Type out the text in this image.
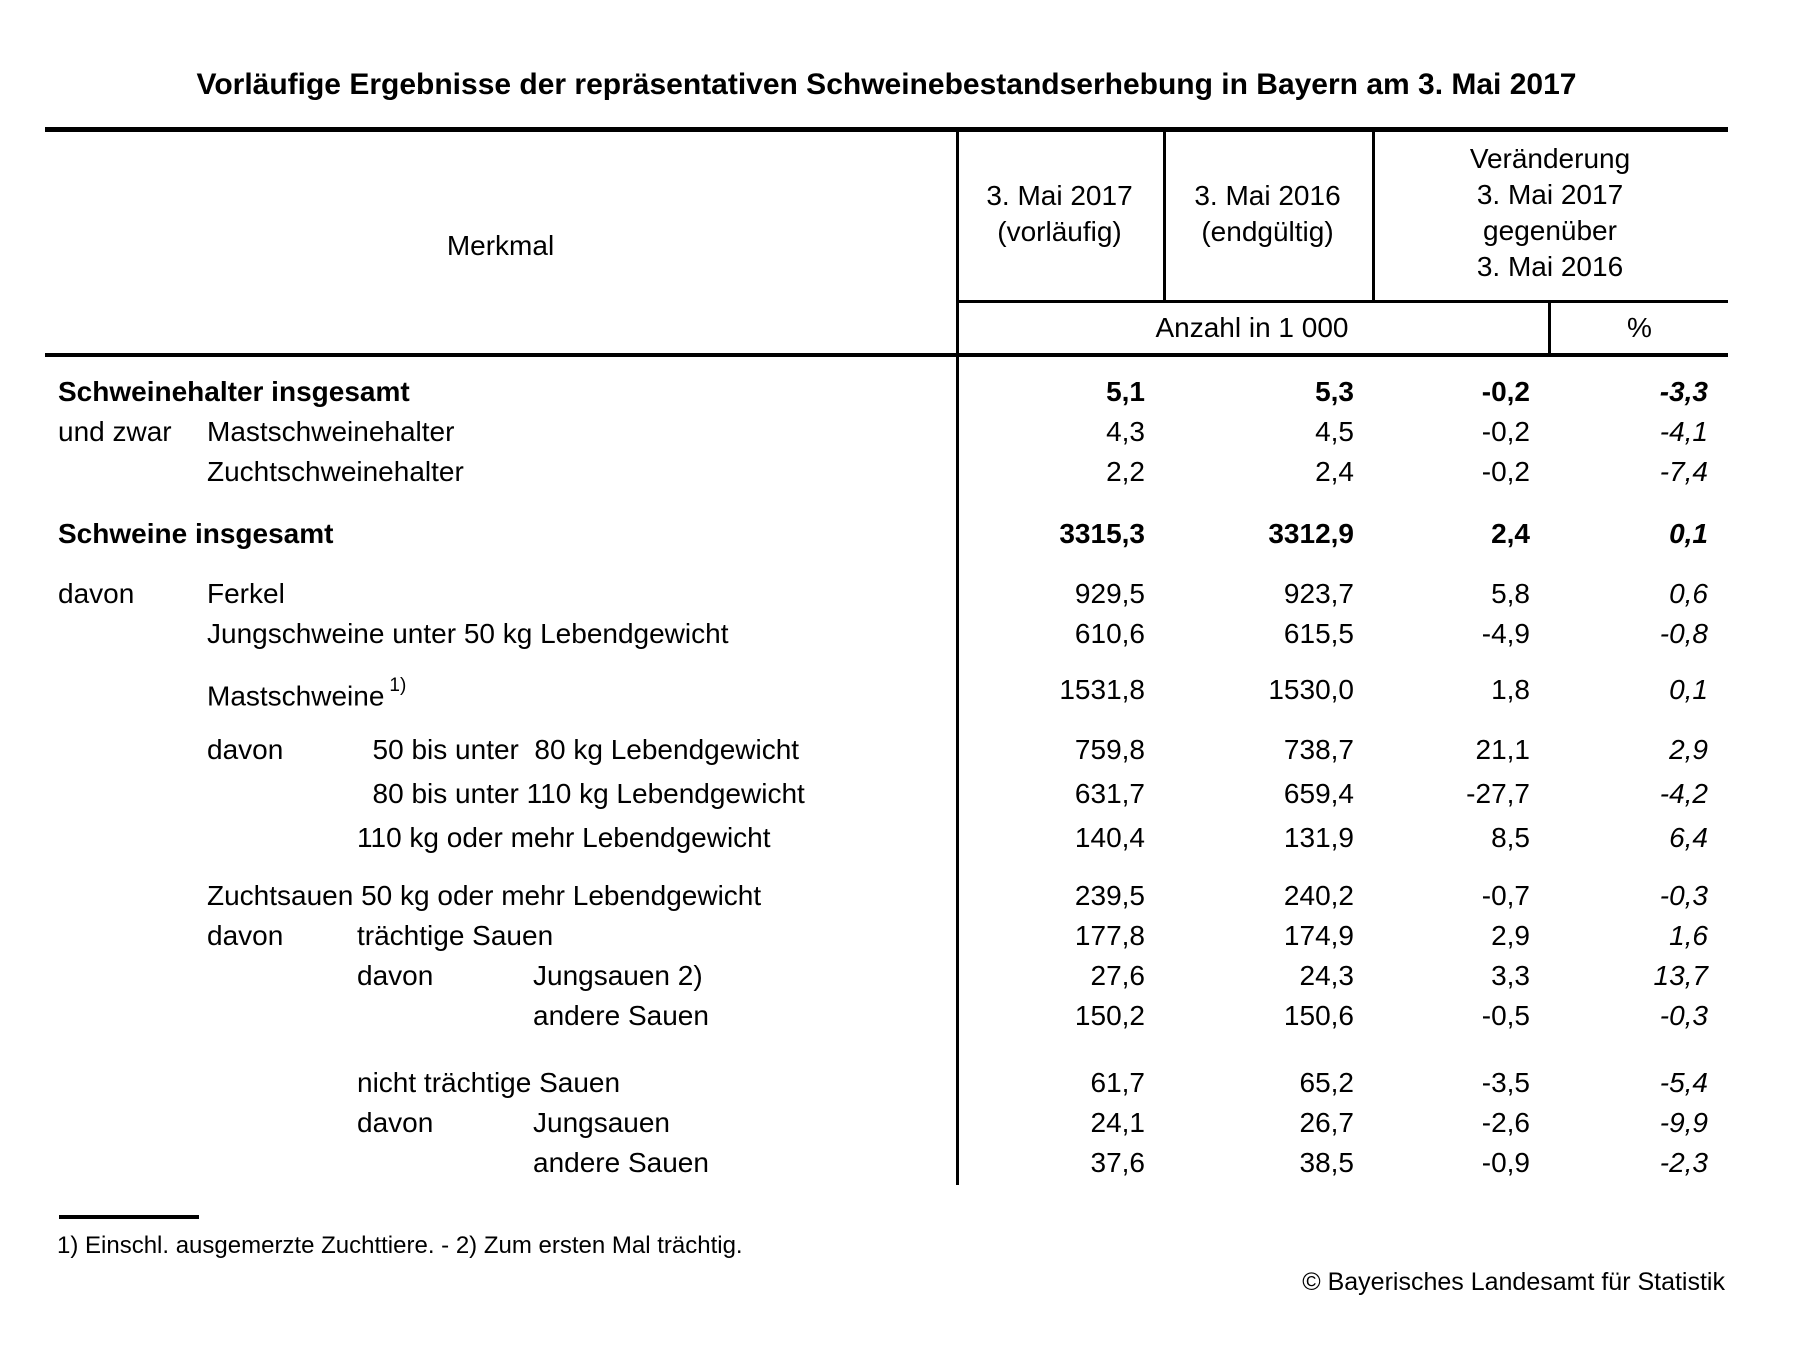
Vorläufige Ergebnisse der repräsentativen Schweinebestandserhebung in Bayern am 3. Mai 2017
Merkmal
3. Mai 2017
(vorläufig)
3. Mai 2016
(endgültig)
Veränderung
3. Mai 2017
gegenüber
3. Mai 2016
Anzahl in 1 000	%
Schweinehalter insgesamt	5,1	5,3	-0,2	-3,3
und zwar Mastschweinehalter	4,3	4,5	-0,2	-4,1
Zuchtschweinehalter	2,2	2,4	-0,2	-7,4
Schweine insgesamt	3315,3	3312,9	2,4	0,1
davon	Ferkel	929,5	923,7	5,8	0,6
Jungschweine unter 50 kg Lebendgewicht	610,6	615,5	-4,9	-0,8
Mastschweine $^{1)}$	1531,8	1530,0	1,8	0,1
davon	50 bis unter  80 kg Lebendgewicht	759,8	738,7	21,1	2,9
80 bis unter 110 kg Lebendgewicht	631,7	659,4	-27,7	-4,2
110 kg oder mehr Lebendgewicht	140,4	131,9	8,5	6,4
Zuchtsauen 50 kg oder mehr Lebendgewicht	239,5	240,2	-0,7	-0,3
davon	trächtige Sauen	177,8	174,9	2,9	1,6
davon	Jungsauen 2)	27,6	24,3	3,3	13,7
andere Sauen	150,2	150,6	-0,5	-0,3
nicht trächtige Sauen	61,7	65,2	-3,5	-5,4
davon	Jungsauen	24,1	26,7	-2,6	-9,9
andere Sauen	37,6	38,5	-0,9	-2,3
1) Einschl. ausgemerzte Zuchttiere. - 2) Zum ersten Mal trächtig.
© Bayerisches Landesamt für Statistik
